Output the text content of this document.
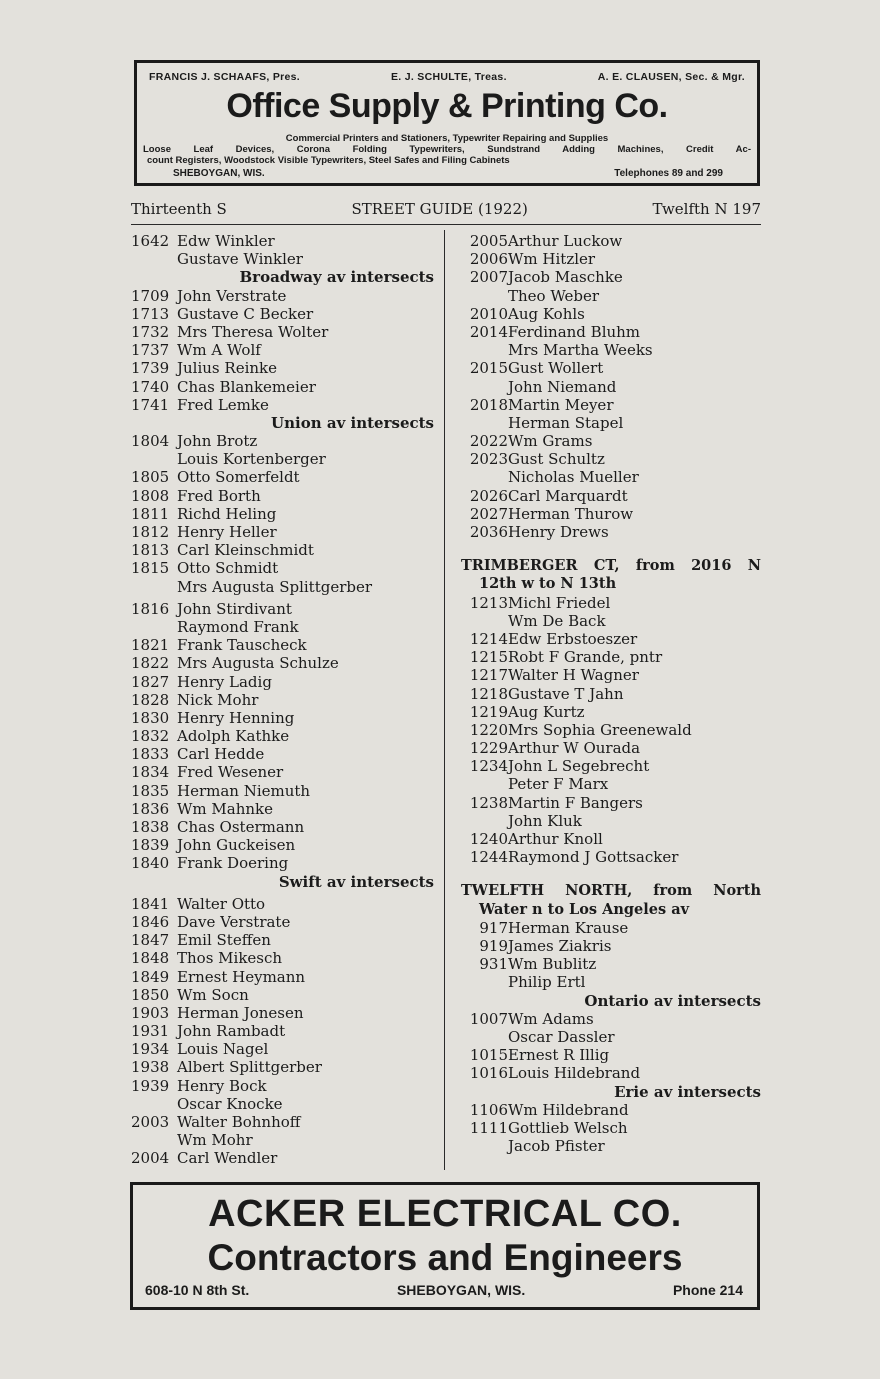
FRANCIS J. SCHAAFS, Pres.	E. J. SCHULTE, Treas.	A. E. CLAUSEN, Sec. & Mgr.
Office Supply & Printing Co.
Commercial Printers and Stationers, Typewriter Repairing and Supplies
Loose Leaf Devices, Corona Folding Typewriters, Sundstrand Adding Machines, Credit Ac-
count Registers, Woodstock Visible Typewriters, Steel Safes and Filing Cabinets
SHEBOYGAN, WIS.	Telephones 89 and 299
Thirteenth S	STREET GUIDE (1922)	Twelfth N 197
1642 Edw Winkler
Gustave Winkler
Broadway av intersects
1709 John Verstrate
1713 Gustave C Becker
1732 Mrs Theresa Wolter
1737 Wm A Wolf
1739 Julius Reinke
1740 Chas Blankemeier
1741 Fred Lemke
Union av intersects
1804 John Brotz
Louis Kortenberger
1805 Otto Somerfeldt
1808 Fred Borth
1811 Richd Heling
1812 Henry Heller
1813 Carl Kleinschmidt
1815 Otto Schmidt
Mrs Augusta Splittgerber
1816 John Stirdivant
Raymond Frank
1821 Frank Tauscheck
1822 Mrs Augusta Schulze
1827 Henry Ladig
1828 Nick Mohr
1830 Henry Henning
1832 Adolph Kathke
1833 Carl Hedde
1834 Fred Wesener
1835 Herman Niemuth
1836 Wm Mahnke
1838 Chas Ostermann
1839 John Guckeisen
1840 Frank Doering
Swift av intersects
1841 Walter Otto
1846 Dave Verstrate
1847 Emil Steffen
1848 Thos Mikesch
1849 Ernest Heymann
1850 Wm Socn
1903 Herman Jonesen
1931 John Rambadt
1934 Louis Nagel
1938 Albert Splittgerber
1939 Henry Bock
Oscar Knocke
2003 Walter Bohnhoff
Wm Mohr
2004 Carl Wendler
2005 Arthur Luckow
2006 Wm Hitzler
2007 Jacob Maschke
Theo Weber
2010 Aug Kohls
2014 Ferdinand Bluhm
Mrs Martha Weeks
2015 Gust Wollert
John Niemand
2018 Martin Meyer
Herman Stapel
2022 Wm Grams
2023 Gust Schultz
Nicholas Mueller
2026 Carl Marquardt
2027 Herman Thurow
2036 Henry Drews
TRIMBERGER CT, from 2016 N
12th w to N 13th
1213 Michl Friedel
Wm De Back
1214 Edw Erbstoeszer
1215 Robt F Grande, pntr
1217 Walter H Wagner
1218 Gustave T Jahn
1219 Aug Kurtz
1220 Mrs Sophia Greenewald
1229 Arthur W Ourada
1234 John L Segebrecht
Peter F Marx
1238 Martin F Bangers
John Kluk
1240 Arthur Knoll
1244 Raymond J Gottsacker
TWELFTH NORTH, from North
Water n to Los Angeles av
917 Herman Krause
919 James Ziakris
931 Wm Bublitz
Philip Ertl
Ontario av intersects
1007 Wm Adams
Oscar Dassler
1015 Ernest R Illig
1016 Louis Hildebrand
Erie av intersects
1106 Wm Hildebrand
1111 Gottlieb Welsch
Jacob Pfister
ACKER ELECTRICAL CO.
Contractors and Engineers
608-10 N 8th St.	SHEBOYGAN, WIS.	Phone 214
